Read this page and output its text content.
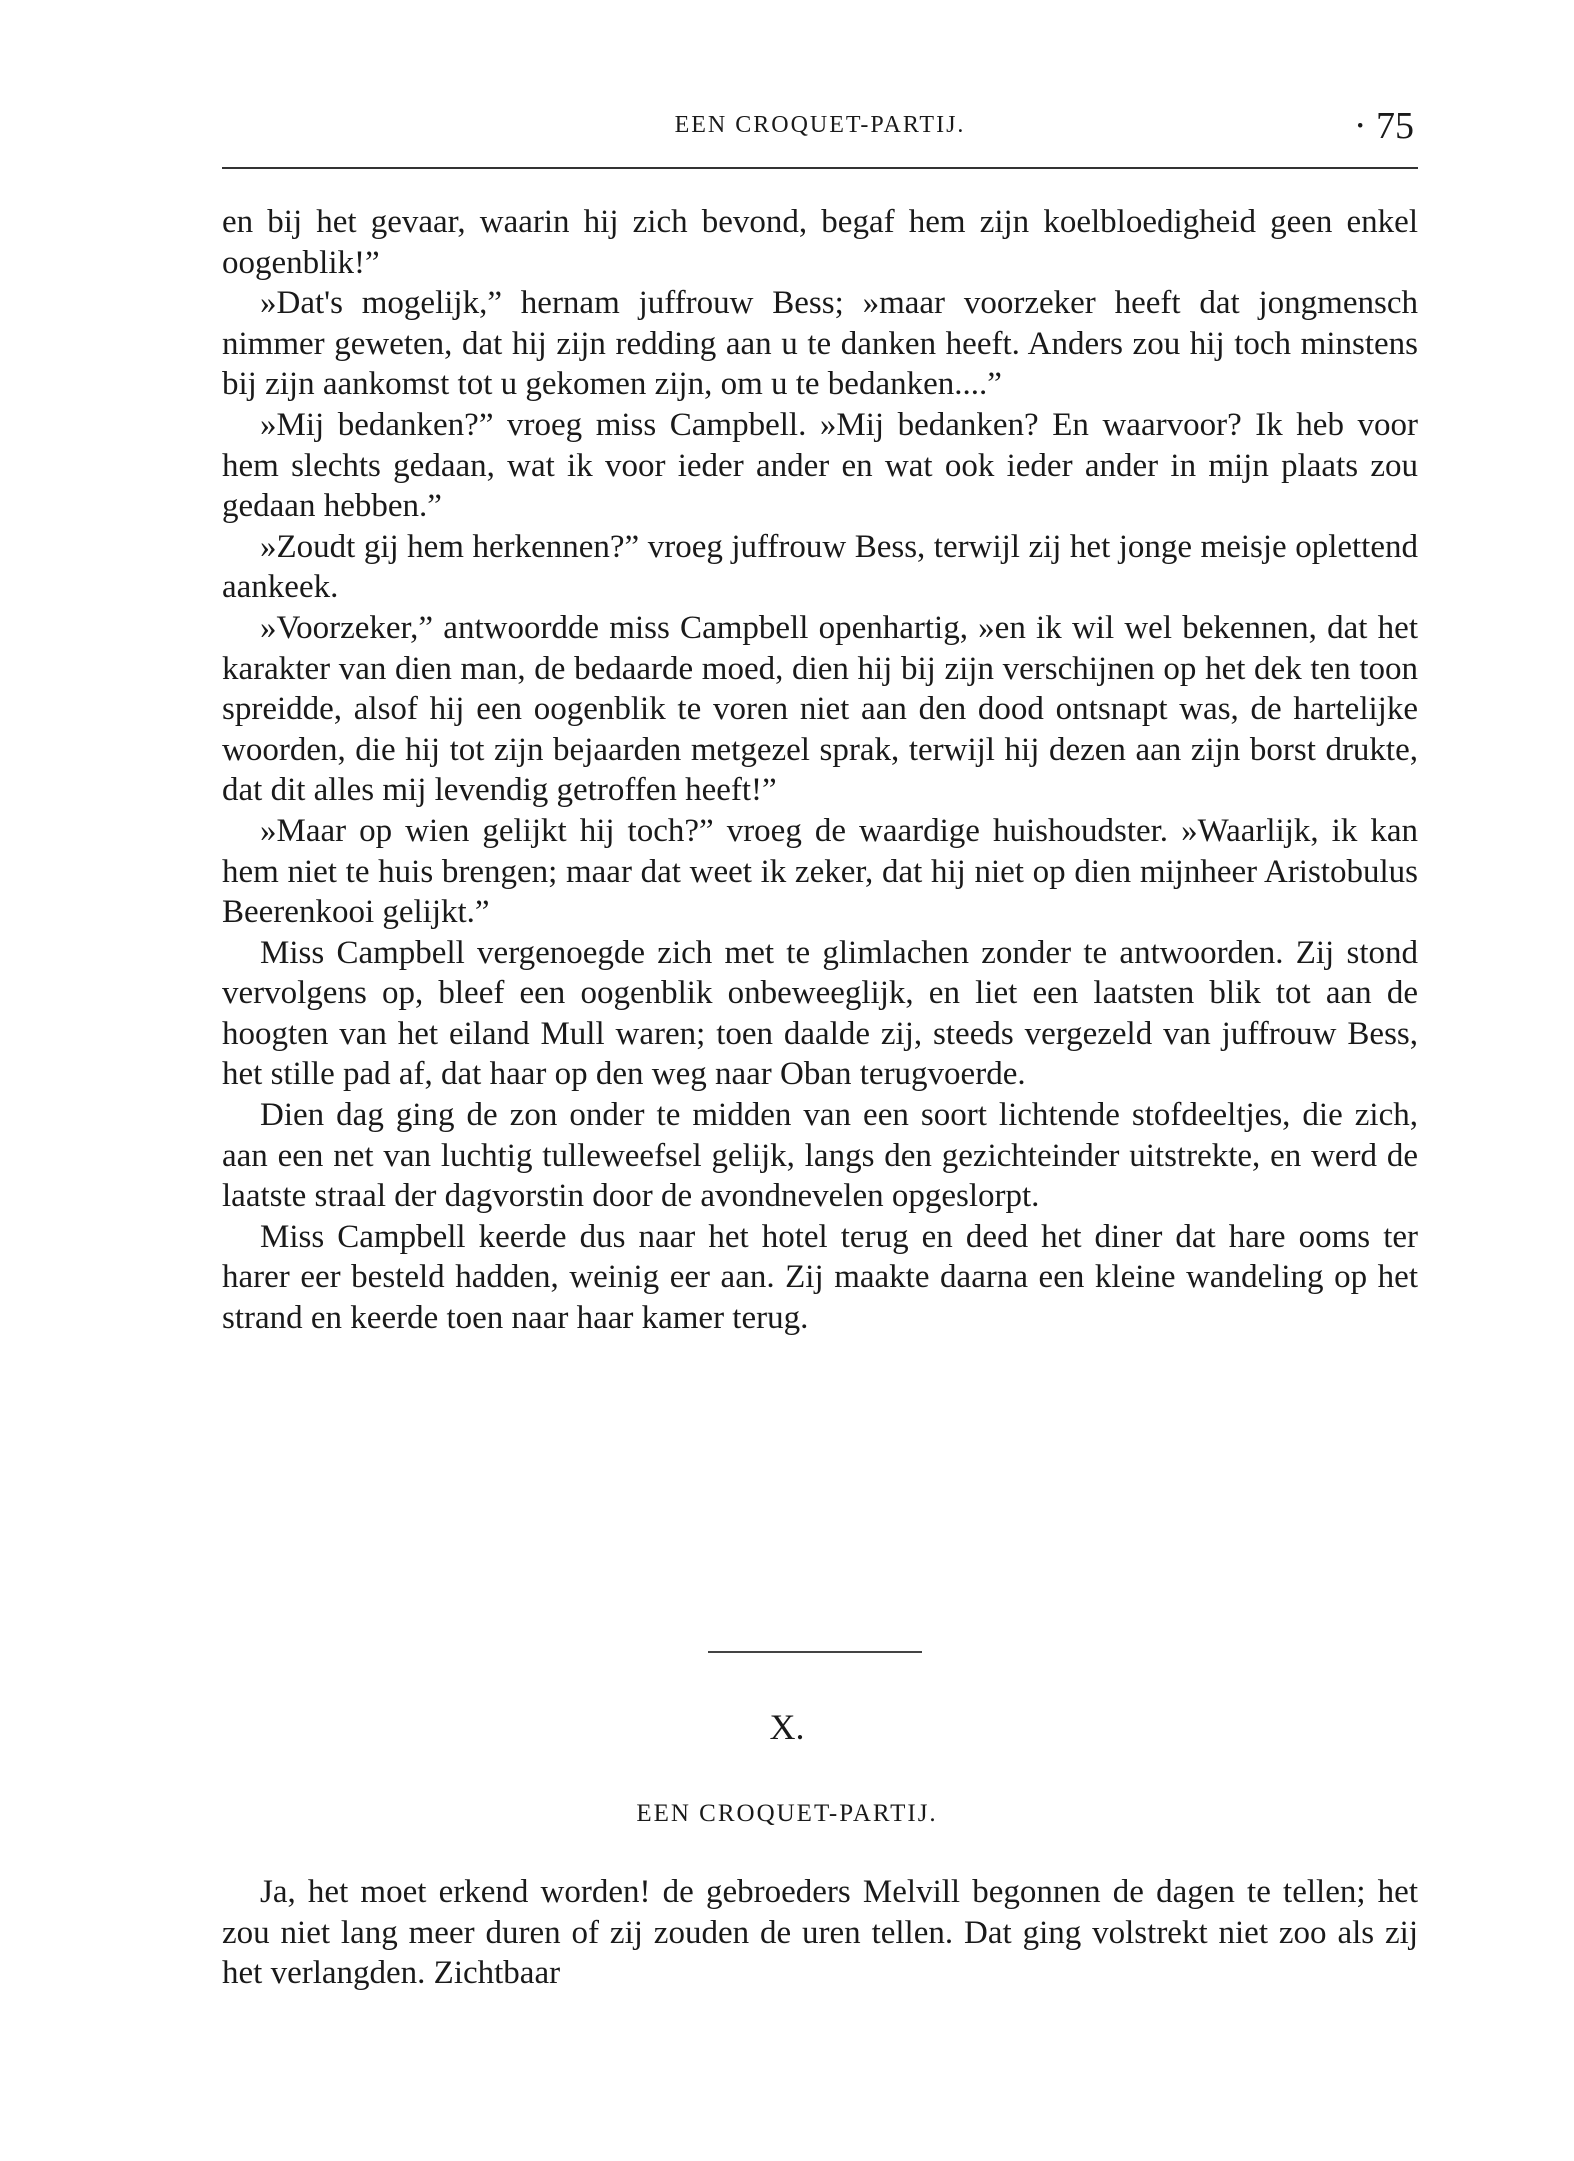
EEN CROQUET-PARTIJ.	· 75

en bij het gevaar, waarin hij zich bevond, begaf hem zijn koelbloedigheid geen enkel oogenblik!”

»Dat's mogelijk,” hernam juffrouw Bess; »maar voorzeker heeft dat jongmensch nimmer geweten, dat hij zijn redding aan u te danken heeft. Anders zou hij toch minstens bij zijn aankomst tot u gekomen zijn, om u te bedanken....”

»Mij bedanken?” vroeg miss Campbell. »Mij bedanken? En waarvoor? Ik heb voor hem slechts gedaan, wat ik voor ieder ander en wat ook ieder ander in mijn plaats zou gedaan hebben.”

»Zoudt gij hem herkennen?” vroeg juffrouw Bess, terwijl zij het jonge meisje oplettend aankeek.

»Voorzeker,” antwoordde miss Campbell openhartig, »en ik wil wel bekennen, dat het karakter van dien man, de bedaarde moed, dien hij bij zijn verschijnen op het dek ten toon spreidde, alsof hij een oogenblik te voren niet aan den dood ontsnapt was, de hartelijke woorden, die hij tot zijn bejaarden metgezel sprak, terwijl hij dezen aan zijn borst drukte, dat dit alles mij levendig getroffen heeft!”

»Maar op wien gelijkt hij toch?” vroeg de waardige huishoudster. »Waarlijk, ik kan hem niet te huis brengen; maar dat weet ik zeker, dat hij niet op dien mijnheer Aristobulus Beerenkooi gelijkt.”

Miss Campbell vergenoegde zich met te glimlachen zonder te antwoorden. Zij stond vervolgens op, bleef een oogenblik onbeweeglijk, en liet een laatsten blik tot aan de hoogten van het eiland Mull waren; toen daalde zij, steeds vergezeld van juffrouw Bess, het stille pad af, dat haar op den weg naar Oban terugvoerde.

Dien dag ging de zon onder te midden van een soort lichtende stofdeeltjes, die zich, aan een net van luchtig tulleweefsel gelijk, langs den gezichteinder uitstrekte, en werd de laatste straal der dagvorstin door de avondnevelen opgeslorpt.

Miss Campbell keerde dus naar het hotel terug en deed het diner dat hare ooms ter harer eer besteld hadden, weinig eer aan. Zij maakte daarna een kleine wandeling op het strand en keerde toen naar haar kamer terug.

X.
EEN CROQUET-PARTIJ.

Ja, het moet erkend worden! de gebroeders Melvill begonnen de dagen te tellen; het zou niet lang meer duren of zij zouden de uren tellen. Dat ging volstrekt niet zoo als zij het verlangden. Zichtbaar
